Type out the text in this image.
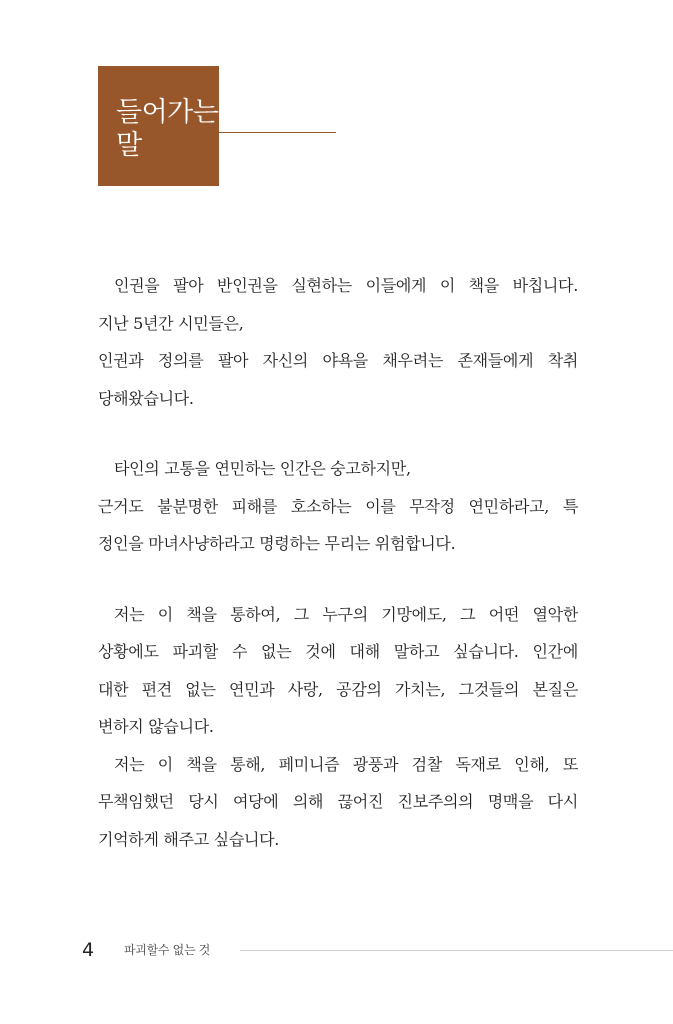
들어가는
말
인권을 팔아 반인권을 실현하는 이들에게 이 책을 바칩니다.
지난 5년간 시민들은,
인권과 정의를 팔아 자신의 야욕을 채우려는 존재들에게 착취
당해왔습니다.
타인의 고통을 연민하는 인간은 숭고하지만,
근거도 불분명한 피해를 호소하는 이를 무작정 연민하라고, 특
정인을 마녀사냥하라고 명령하는 무리는 위험합니다.
저는 이 책을 통하여, 그 누구의 기망에도, 그 어떤 열악한
상황에도 파괴할 수 없는 것에 대해 말하고 싶습니다. 인간에
대한 편견 없는 연민과 사랑, 공감의 가치는, 그것들의 본질은
변하지 않습니다.
저는 이 책을 통해, 페미니즘 광풍과 검찰 독재로 인해, 또
무책임했던 당시 여당에 의해 끊어진 진보주의의 명맥을 다시
기억하게 해주고 싶습니다.
4 파괴할수 없는 것
